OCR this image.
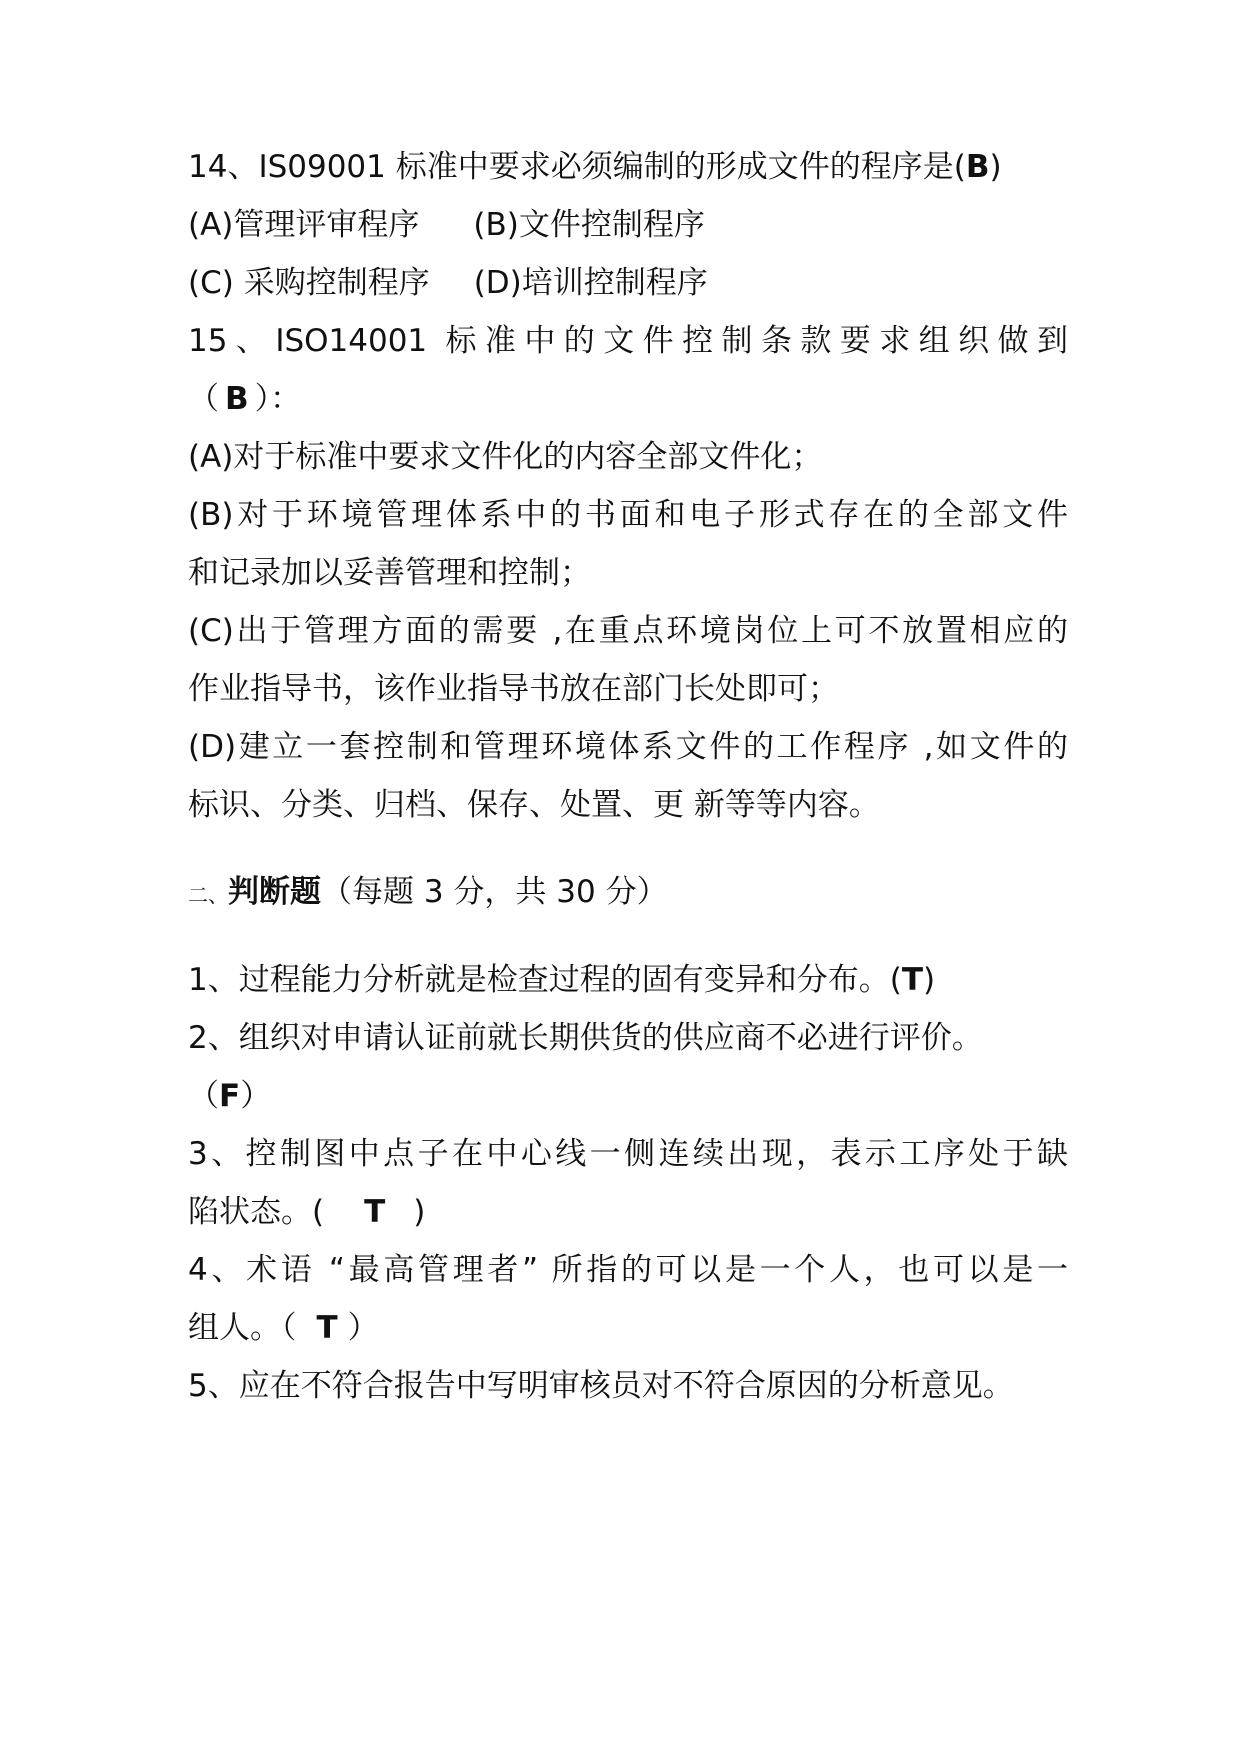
14、IS09001 标准中要求必须编制的形成文件的程序是(B)
(A)管理评审程序 (B)文件控制程序
(C) 采购控制程序 (D)培训控制程序
15、ISO14001 标准中的文件控制条款要求组织做到
（ B ）：
(A)对于标准中要求文件化的内容全部文件化；
(B)对于环境管理体系中的书面和电子形式存在的全部文件
和记录加以妥善管理和控制；
(C)出于管理方面的需要 ,在重点环境岗位上可不放置相应的
作业指导书，该作业指导书放在部门长处即可；
(D)建立一套控制和管理环境体系文件的工作程序 ,如文件的
标识、分类、归档、保存、处置、更 新等等内容。
二、判断题（每题 3 分，共 30 分）
1、过程能力分析就是检查过程的固有变异和分布。(T)
2、组织对申请认证前就长期供货的供应商不必进行评价。
（F）
3、控制图中点子在中心线一侧连续出现，表示工序处于缺
陷状态。( T )
4、术语 “最高管理者” 所指的可以是一个人，也可以是一
组人。（ T ）
5、应在不符合报告中写明审核员对不符合原因的分析意见。
